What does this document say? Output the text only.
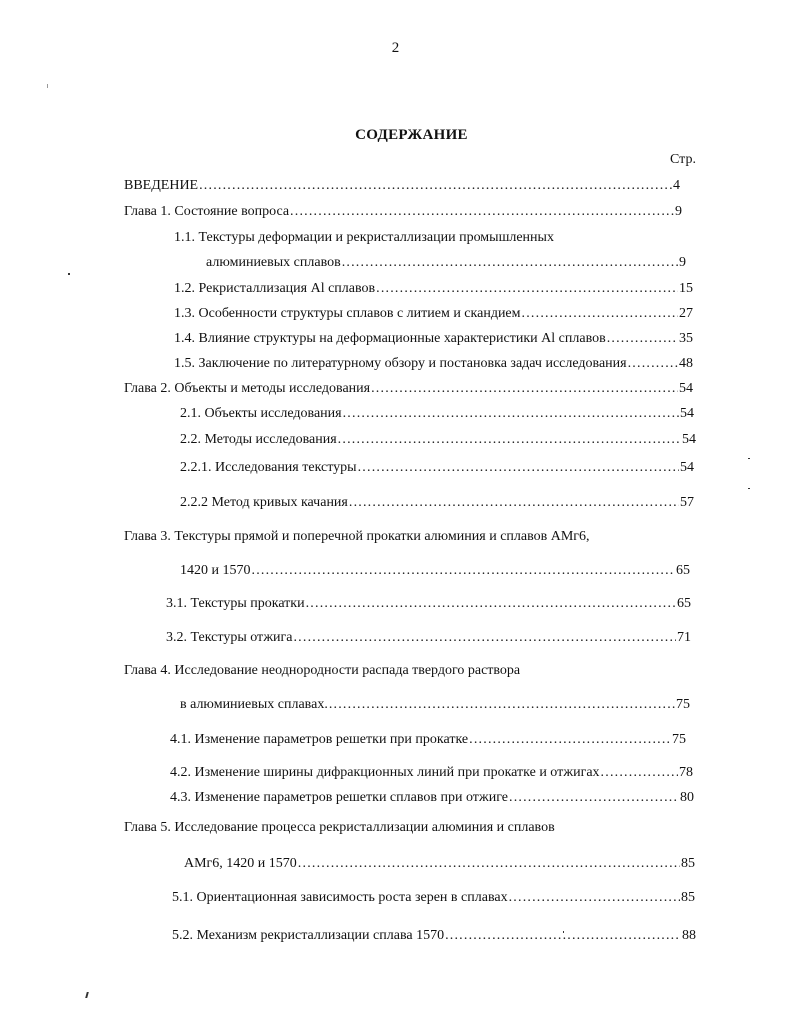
2
СОДЕРЖАНИЕ
Стр.
ВВЕДЕНИЕ .....	4
Глава 1. Состояние вопроса .....	9
1.1. Текстуры деформации и рекристаллизации промышленных
алюминиевых сплавов .....	9
1.2. Рекристаллизация Al сплавов .....	15
1.3. Особенности структуры сплавов с литием и скандием .....	27
1.4. Влияние структуры на деформационные характеристики Al сплавов .....	35
1.5. Заключение по литературному обзору и постановка задач исследования .....	48
Глава 2. Объекты и методы исследования .....	54
2.1. Объекты исследования .....	54
2.2. Методы исследования .....	54
2.2.1. Исследования текстуры .....	54
2.2.2 Метод кривых качания .....	57
Глава 3. Текстуры прямой и поперечной прокатки алюминия и сплавов АМг6,
1420 и 1570 .....	65
3.1. Текстуры прокатки .....	65
3.2. Текстуры отжига .....	71
Глава 4. Исследование неоднородности распада твердого раствора
в алюминиевых сплавах. .....	75
4.1. Изменение параметров решетки при прокатке .....	75
4.2. Изменение ширины дифракционных линий при прокатке и отжигах .....	78
4.3. Изменение параметров решетки сплавов при отжиге .....	80
Глава 5. Исследование процесса рекристаллизации алюминия и сплавов
АМг6, 1420 и 1570 .....	85
5.1. Ориентационная зависимость роста зерен в сплавах .....	85
5.2. Механизм рекристаллизации сплава 1570 .....	88
